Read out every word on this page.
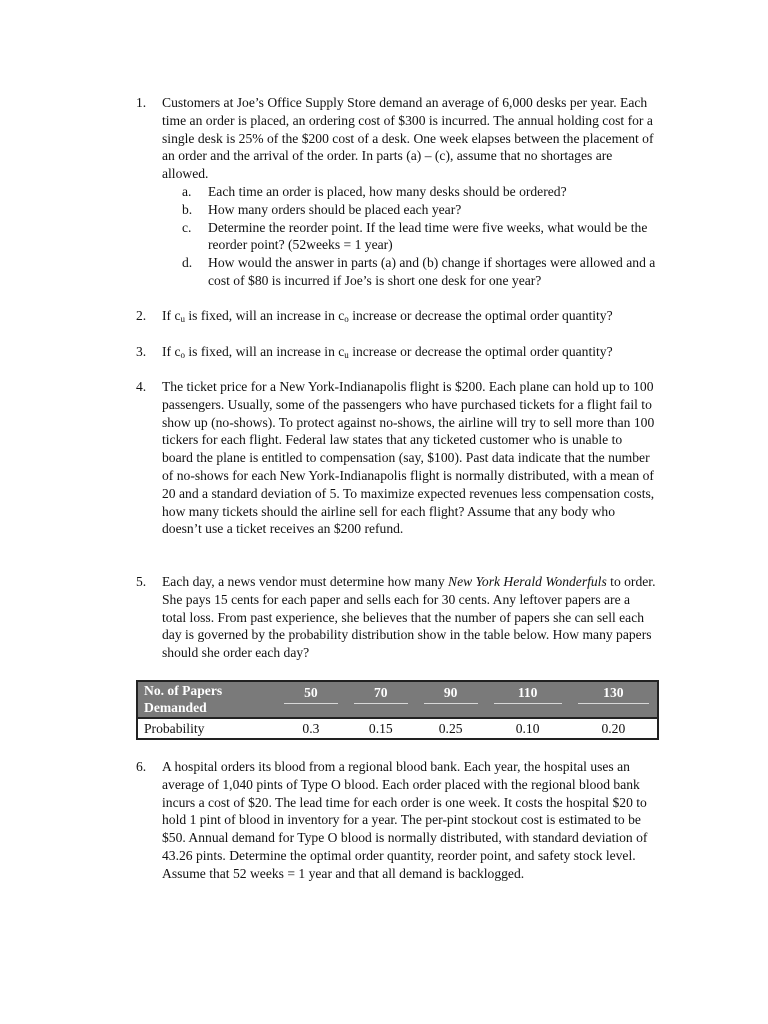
1.	Customers at Joe’s Office Supply Store demand an average of 6,000 desks per year. Each time an order is placed, an ordering cost of $300 is incurred. The annual holding cost for a single desk is 25% of the $200 cost of a desk. One week elapses between the placement of an order and the arrival of the order. In parts (a) – (c), assume that no shortages are allowed.
a. Each time an order is placed, how many desks should be ordered?
b. How many orders should be placed each year?
c. Determine the reorder point. If the lead time were five weeks, what would be the reorder point? (52weeks = 1 year)
d. How would the answer in parts (a) and (b) change if shortages were allowed and a cost of $80 is incurred if Joe’s is short one desk for one year?
2.	If $c_u$ is fixed, will an increase in $c_o$ increase or decrease the optimal order quantity?
3.	If $c_o$ is fixed, will an increase in $c_u$ increase or decrease the optimal order quantity?
4.	The ticket price for a New York-Indianapolis flight is $200. Each plane can hold up to 100 passengers. Usually, some of the passengers who have purchased tickets for a flight fail to show up (no-shows). To protect against no-shows, the airline will try to sell more than 100 tickers for each flight. Federal law states that any ticketed customer who is unable to board the plane is entitled to compensation (say, $100). Past data indicate that the number of no-shows for each New York-Indianapolis flight is normally distributed, with a mean of 20 and a standard deviation of 5. To maximize expected revenues less compensation costs, how many tickets should the airline sell for each flight? Assume that any body who doesn’t use a ticket receives an $200 refund.
5.	Each day, a news vendor must determine how many New York Herald Wonderfuls to order. She pays 15 cents for each paper and sells each for 30 cents. Any leftover papers are a total loss. From past experience, she believes that the number of papers she can sell each day is governed by the probability distribution show in the table below. How many papers should she order each day?
No. of Papers Demanded	50	70	90	110	130

Probability	0.3	0.15	0.25	0.10	0.20
6.	A hospital orders its blood from a regional blood bank. Each year, the hospital uses an average of 1,040 pints of Type O blood. Each order placed with the regional blood bank incurs a cost of $20. The lead time for each order is one week. It costs the hospital $20 to hold 1 pint of blood in inventory for a year. The per-pint stockout cost is estimated to be $50. Annual demand for Type O blood is normally distributed, with standard deviation of 43.26 pints. Determine the optimal order quantity, reorder point, and safety stock level. Assume that 52 weeks = 1 year and that all demand is backlogged.
